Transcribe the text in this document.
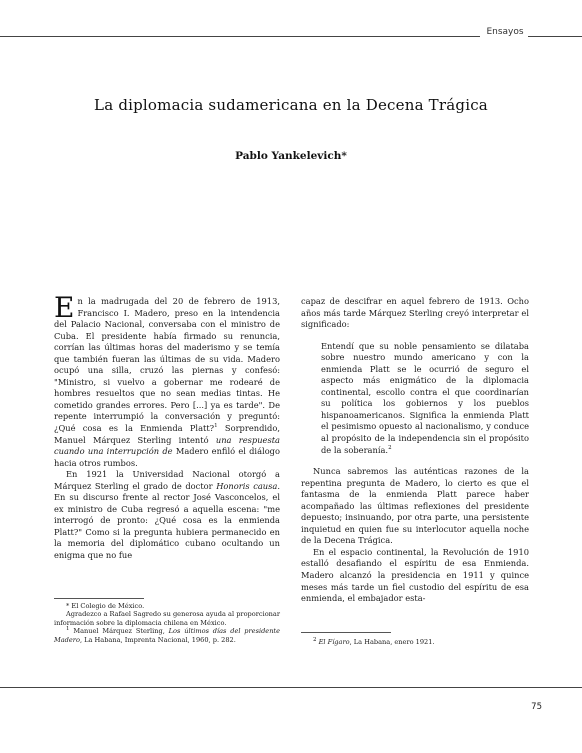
Ensayos
La diplomacia sudamericana en la Decena Trágica
Pablo Yankelevich*

En la madrugada del 20 de febrero de 1913, Francisco I. Madero, preso en la intendencia del Palacio Nacional, conversaba con el ministro de Cuba. El presidente había firmado su renuncia, corrían las últimas horas del maderismo y se temía que también fueran las últimas de su vida. Madero ocupó una silla, cruzó las piernas y confesó: "Ministro, si vuelvo a gobernar me rodearé de hombres resueltos que no sean medias tintas. He cometido grandes errores. Pero [...] ya es tarde". De repente interrumpió la conversación y preguntó: ¿Qué cosa es la Enmienda Platt?$^1$ Sorprendido, Manuel Márquez Sterling intentó una respuesta cuando una interrupción de Madero enfiló el diálogo hacia otros rumbos.

En 1921 la Universidad Nacional otorgó a Márquez Sterling el grado de doctor Honoris causa. En su discurso frente al rector José Vasconcelos, el ex ministro de Cuba regresó a aquella escena: "me interrogó de pronto: ¿Qué cosa es la enmienda Platt?" Como si la pregunta hubiera permanecido en la memoria del diplomático cubano ocultando un enigma que no fue

* El Colegio de México.

Agradezco a Rafael Sagredo su generosa ayuda al proporcionar información sobre la diplomacia chilena en México.

$^1$ Manuel Márquez Sterling, Los últimos días del presidente Madero, La Habana, Imprenta Nacional, 1960, p. 282.

capaz de descifrar en aquel febrero de 1913. Ocho años más tarde Márquez Sterling creyó interpretar el significado:

Entendí que su noble pensamiento se dilataba sobre nuestro mundo americano y con la enmienda Platt se le ocurrió de seguro el aspecto más enigmático de la diplomacia continental, escollo contra el que coordinarían su política los gobiernos y los pueblos hispanoamericanos. Significa la enmienda Platt el pesimismo opuesto al nacionalismo, y conduce al propósito de la independencia sin el propósito de la soberanía.$^2$

Nunca sabremos las auténticas razones de la repentina pregunta de Madero, lo cierto es que el fantasma de la enmienda Platt parece haber acompañado las últimas reflexiones del presidente depuesto; insinuando, por otra parte, una persistente inquietud en quien fue su interlocutor aquella noche de la Decena Trágica.

En el espacio continental, la Revolución de 1910 estalló desafiando el espíritu de esa Enmienda. Madero alcanzó la presidencia en 1911 y quince meses más tarde un fiel custodio del espíritu de esa enmienda, el embajador esta-

$^2$ El Fígaro, La Habana, enero 1921.

75
